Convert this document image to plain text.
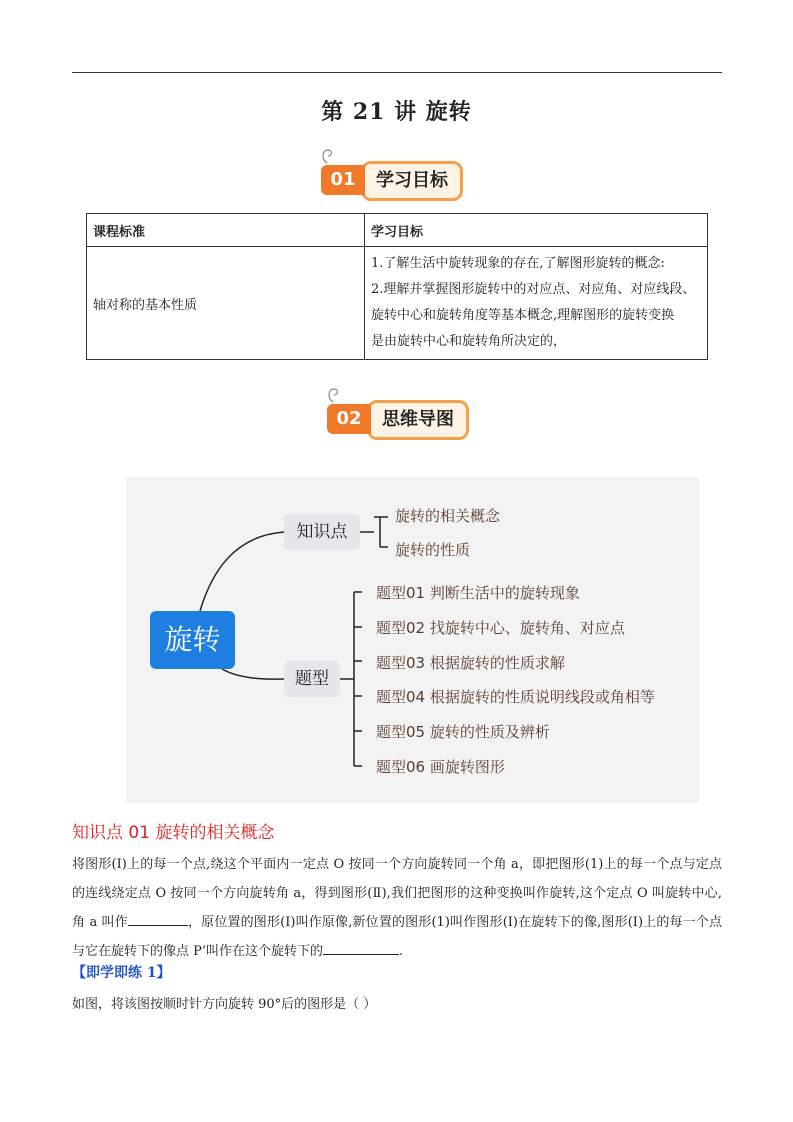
第 21 讲 旋转
学习目标
01
课程标准	学习目标
轴对称的基本性质	1.了解生活中旋转现象的存在,了解图形旋转的概念:
2.理解并掌握图形旋转中的对应点、对应角、对应线段、
旋转中心和旋转角度等基本概念,理解图形的旋转变换
是由旋转中心和旋转角所决定的，
思维导图
02
旋转
知识点
题型
旋转的相关概念
旋转的性质
题型01 判断生活中的旋转现象
题型02 找旋转中心、旋转角、对应点
题型03 根据旋转的性质求解
题型04 根据旋转的性质说明线段或角相等
题型05 旋转的性质及辨析
题型06 画旋转图形
知识点 01 旋转的相关概念
将图形(I)上的每一个点,绕这个平面内一定点 O 按同一个方向旋转同一个角 a，即把图形(1)上的每一个点与定点的连线绕定点 O 按同一个方向旋转角 a，得到图形(Ⅱ),我们把图形的这种变换叫作旋转,这个定点 O 叫旋转中心,角 a 叫作	，原位置的图形(I)叫作原像,新位置的图形(1)叫作图形(I)在旋转下的像,图形(I)上的每一个点与它在旋转下的像点 P’叫作在这个旋转下的	.
【即学即练 1】
如图，将该图按顺时针方向旋转 90°后的图形是（ ）
